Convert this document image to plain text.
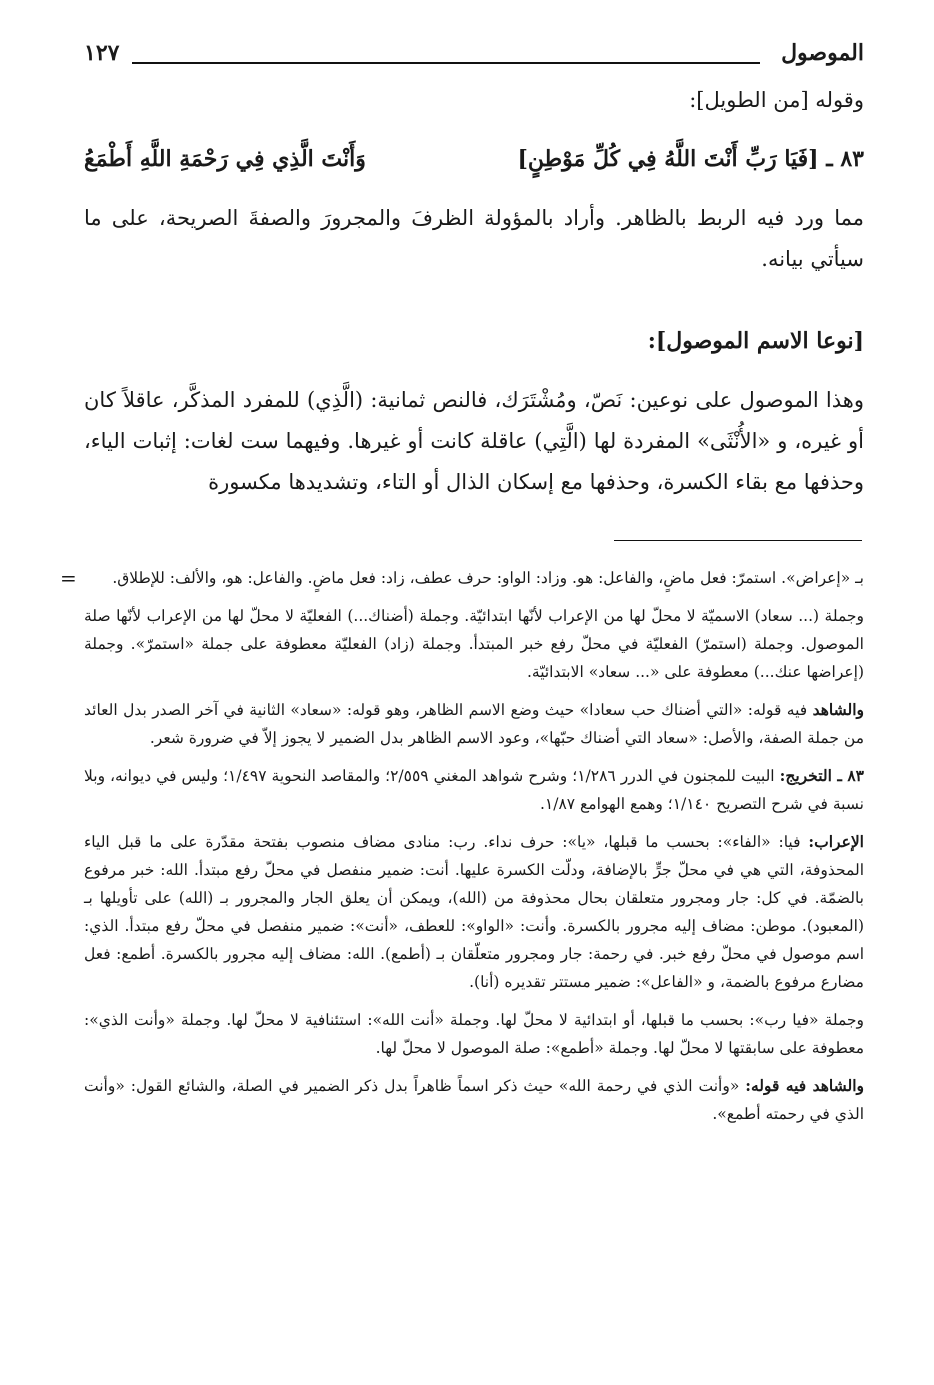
الموصول
١٢٧
وقوله [من الطويل]:
٨٣ ـ [فَيَا رَبِّ أَنْتَ اللَّهُ فِي كُلِّ مَوْطِنٍ]
وَأَنْتَ الَّذِي فِي رَحْمَةِ اللَّهِ أَطْمَعُ

مما ورد فيه الربط بالظاهر. وأراد بالمؤولة الظرفَ والمجرورَ والصفةَ الصريحة، على ما سيأتي بيانه.

[نوعا الاسم الموصول]:

وهذا الموصول على نوعين: نَصّ، ومُشْتَرَك، فالنص ثمانية: (الَّذِي) للمفرد المذكَّر، عاقلاً كان أو غيره، و «الأُنْثَى» المفردة لها (الَّتِي) عاقلة كانت أو غيرها. وفيهما ست لغات: إثبات الياء، وحذفها مع بقاء الكسرة، وحذفها مع إسكان الذال أو التاء، وتشديدها مكسورة

=	بـ «إعراض». استمرّ: فعل ماضٍ، والفاعل: هو. وزاد: الواو: حرف عطف، زاد: فعل ماضٍ. والفاعل: هو، والألف: للإطلاق.

وجملة (... سعاد) الاسميّة لا محلّ لها من الإعراب لأنّها ابتدائيّة. وجملة (أضناك...) الفعليّة لا محلّ لها من الإعراب لأنّها صلة الموصول. وجملة (استمرّ) الفعليّة في محلّ رفع خبر المبتدأ. وجملة (زاد) الفعليّة معطوفة على جملة «استمرّ». وجملة (إعراضها عنك...) معطوفة على «... سعاد» الابتدائيّة.

والشاهد فيه قوله: «التي أضناك حب سعادا» حيث وضع الاسم الظاهر، وهو قوله: «سعاد» الثانية في آخر الصدر بدل العائد من جملة الصفة، والأصل: «سعاد التي أضناك حبّها»، وعود الاسم الظاهر بدل الضمير لا يجوز إلاّ في ضرورة شعر.

٨٣ ـ التخريج: البيت للمجنون في الدرر ١/٢٨٦؛ وشرح شواهد المغني ٢/٥٥٩؛ والمقاصد النحوية ١/٤٩٧؛ وليس في ديوانه، وبلا نسبة في شرح التصريح ١/١٤٠؛ وهمع الهوامع ١/٨٧.

الإعراب: فيا: «الفاء»: بحسب ما قبلها، «يا»: حرف نداء. رب: منادى مضاف منصوب بفتحة مقدّرة على ما قبل الياء المحذوفة، التي هي في محلّ جرٍّ بالإضافة، ودلّت الكسرة عليها. أنت: ضمير منفصل في محلّ رفع مبتدأ. الله: خبر مرفوع بالضمّة. في كل: جار ومجرور متعلقان بحال محذوفة من (الله)، ويمكن أن يعلق الجار والمجرور بـ (الله) على تأويلها بـ (المعبود). موطن: مضاف إليه مجرور بالكسرة. وأنت: «الواو»: للعطف، «أنت»: ضمير منفصل في محلّ رفع مبتدأ. الذي: اسم موصول في محلّ رفع خبر. في رحمة: جار ومجرور متعلّقان بـ (أطمع). الله: مضاف إليه مجرور بالكسرة. أطمع: فعل مضارع مرفوع بالضمة، و «الفاعل»: ضمير مستتر تقديره (أنا).

وجملة «فيا رب»: بحسب ما قبلها، أو ابتدائية لا محلّ لها. وجملة «أنت الله»: استئنافية لا محلّ لها. وجملة «وأنت الذي»: معطوفة على سابقتها لا محلّ لها. وجملة «أطمع»: صلة الموصول لا محلّ لها.

والشاهد فيه قوله: «وأنت الذي في رحمة الله» حيث ذكر اسماً ظاهراً بدل ذكر الضمير في الصلة، والشائع القول: «وأنت الذي في رحمته أطمع».
